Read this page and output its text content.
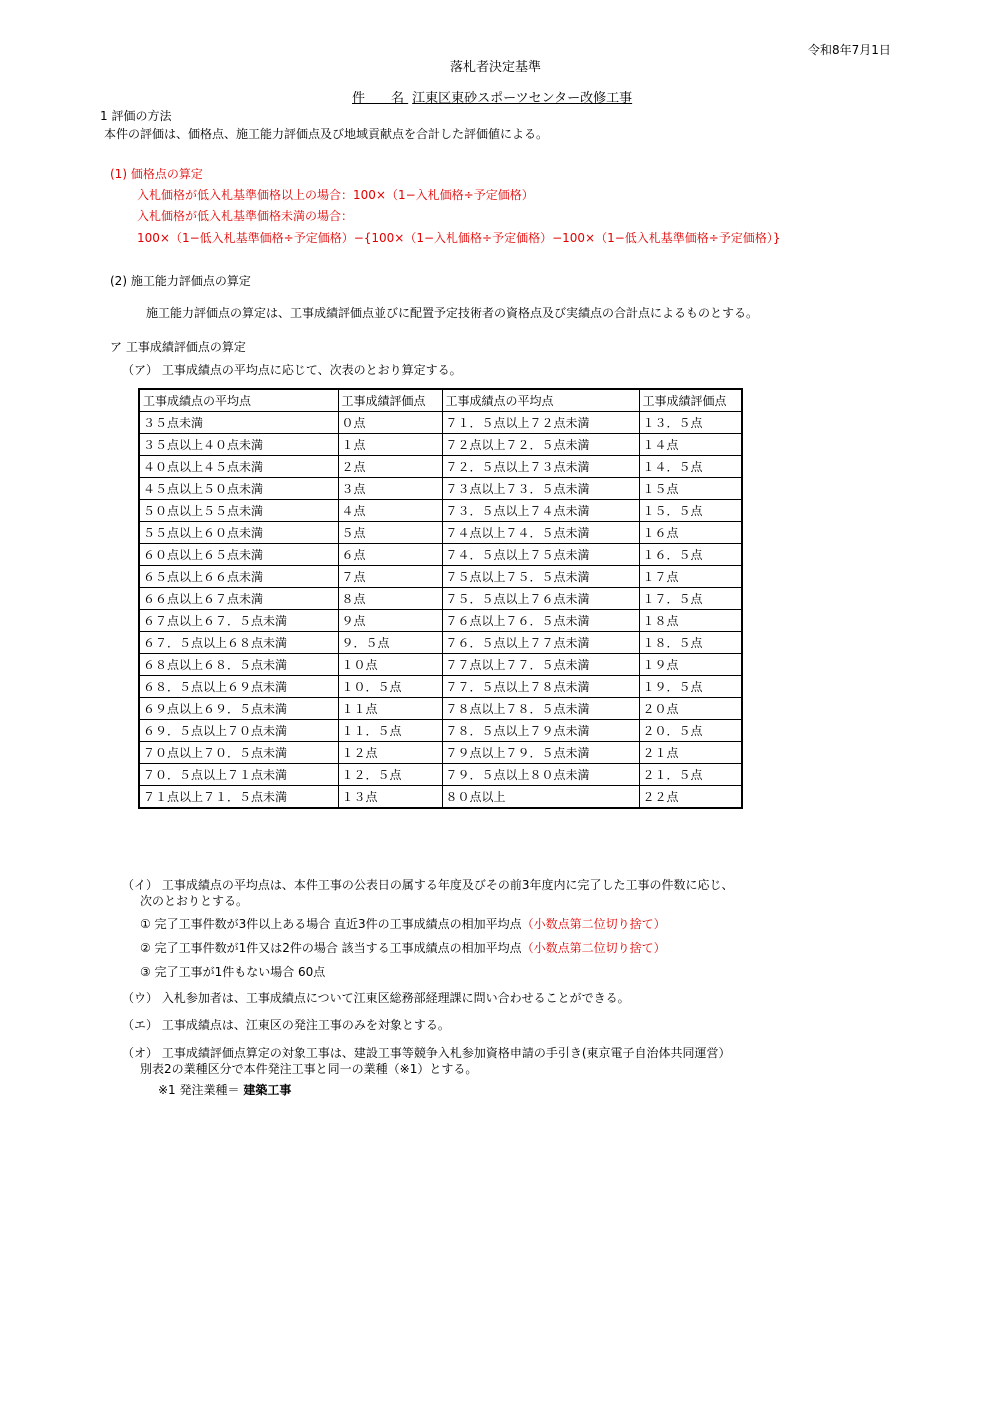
令和8年7月1日
落札者決定基準
件　　名 江東区東砂スポーツセンター改修工事
1 評価の方法
本件の評価は、価格点、施工能力評価点及び地域貢献点を合計した評価値による。
(1) 価格点の算定
入札価格が低入札基準価格以上の場合：100×（1−入札価格÷予定価格）
入札価格が低入札基準価格未満の場合：
100×（1−低入札基準価格÷予定価格）−{100×（1−入札価格÷予定価格）−100×（1−低入札基準価格÷予定価格）}
(2) 施工能力評価点の算定
施工能力評価点の算定は、工事成績評価点並びに配置予定技術者の資格点及び実績点の合計点によるものとする。
ア 工事成績評価点の算定
（ア） 工事成績点の平均点に応じて、次表のとおり算定する。
工事成績点の平均点	工事成績評価点	工事成績点の平均点	工事成績評価点
３５点未満	０点	７１．５点以上７２点未満	１３．５点
３５点以上４０点未満	１点	７２点以上７２．５点未満	１４点
４０点以上４５点未満	２点	７２．５点以上７３点未満	１４．５点
４５点以上５０点未満	３点	７３点以上７３．５点未満	１５点
５０点以上５５点未満	４点	７３．５点以上７４点未満	１５．５点
５５点以上６０点未満	５点	７４点以上７４．５点未満	１６点
６０点以上６５点未満	６点	７４．５点以上７５点未満	１６．５点
６５点以上６６点未満	７点	７５点以上７５．５点未満	１７点
６６点以上６７点未満	８点	７５．５点以上７６点未満	１７．５点
６７点以上６７．５点未満	９点	７６点以上７６．５点未満	１８点
６７．５点以上６８点未満	９．５点	７６．５点以上７７点未満	１８．５点
６８点以上６８．５点未満	１０点	７７点以上７７．５点未満	１９点
６８．５点以上６９点未満	１０．５点	７７．５点以上７８点未満	１９．５点
６９点以上６９．５点未満	１１点	７８点以上７８．５点未満	２０点
６９．５点以上７０点未満	１１．５点	７８．５点以上７９点未満	２０．５点
７０点以上７０．５点未満	１２点	７９点以上７９．５点未満	２１点
７０．５点以上７１点未満	１２．５点	７９．５点以上８０点未満	２１．５点
７１点以上７１．５点未満	１３点	８０点以上	２２点
（イ） 工事成績点の平均点は、本件工事の公表日の属する年度及びその前3年度内に完了した工事の件数に応じ、
次のとおりとする。
① 完了工事件数が3件以上ある場合 直近3件の工事成績点の相加平均点（小数点第二位切り捨て）
② 完了工事件数が1件又は2件の場合 該当する工事成績点の相加平均点（小数点第二位切り捨て）
③ 完了工事が1件もない場合 60点
（ウ） 入札参加者は、工事成績点について江東区総務部経理課に問い合わせることができる。
（エ） 工事成績点は、江東区の発注工事のみを対象とする。
（オ） 工事成績評価点算定の対象工事は、建設工事等競争入札参加資格申請の手引き(東京電子自治体共同運営）
別表2の業種区分で本件発注工事と同一の業種（※1）とする。
※1 発注業種＝ 建築工事
